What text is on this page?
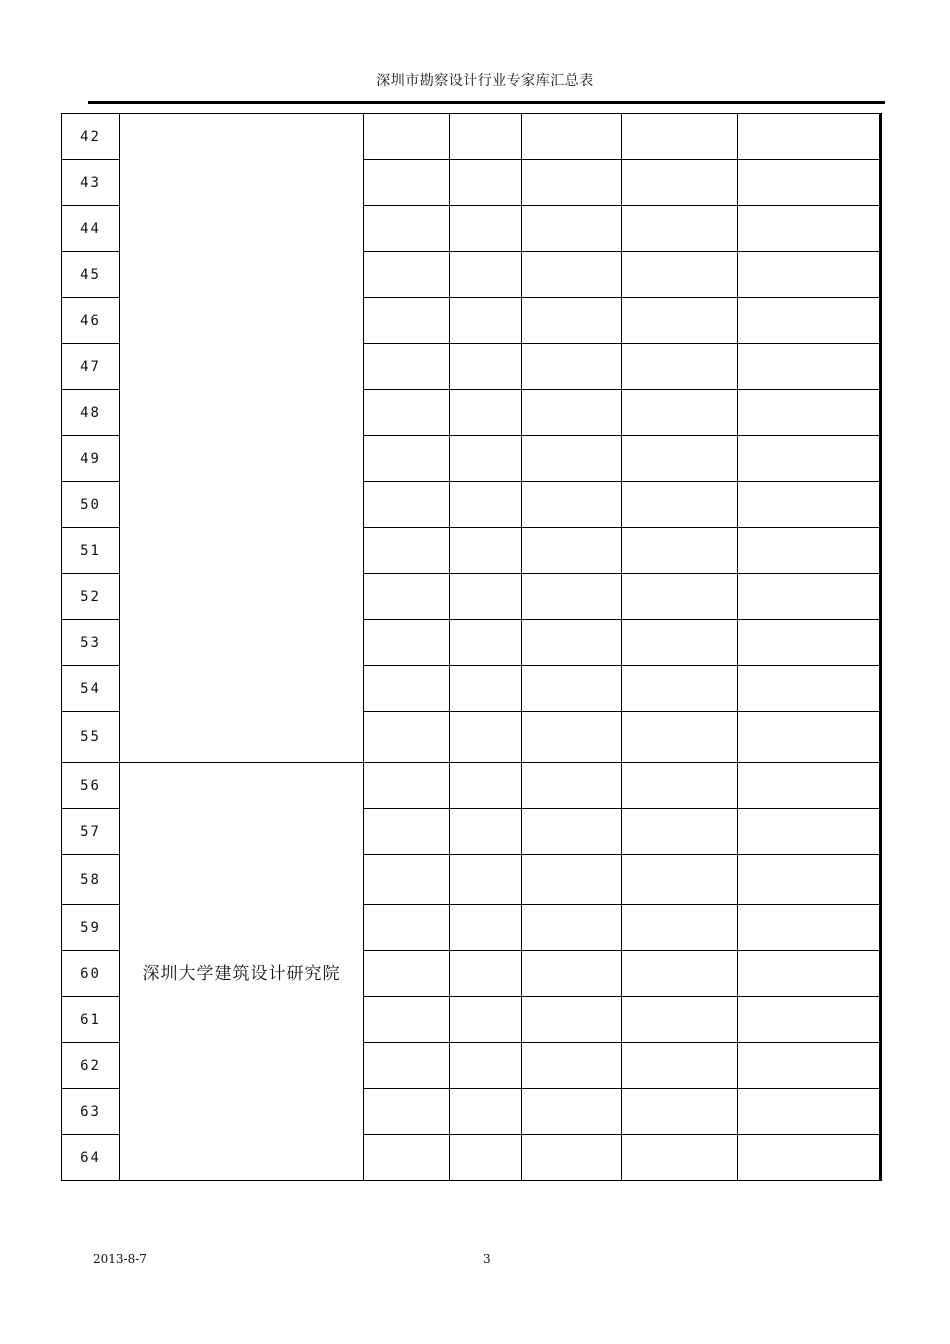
深圳市勘察设计行业专家库汇总表
42						
43						
44						
45						
46						
47						
48						
49						
50						
51						
52						
53						
54						
55				

56	深圳大学建筑设计研究院					
57						
58						

59						
60						
61						
62						
63						
64						
2013-8-7	3
